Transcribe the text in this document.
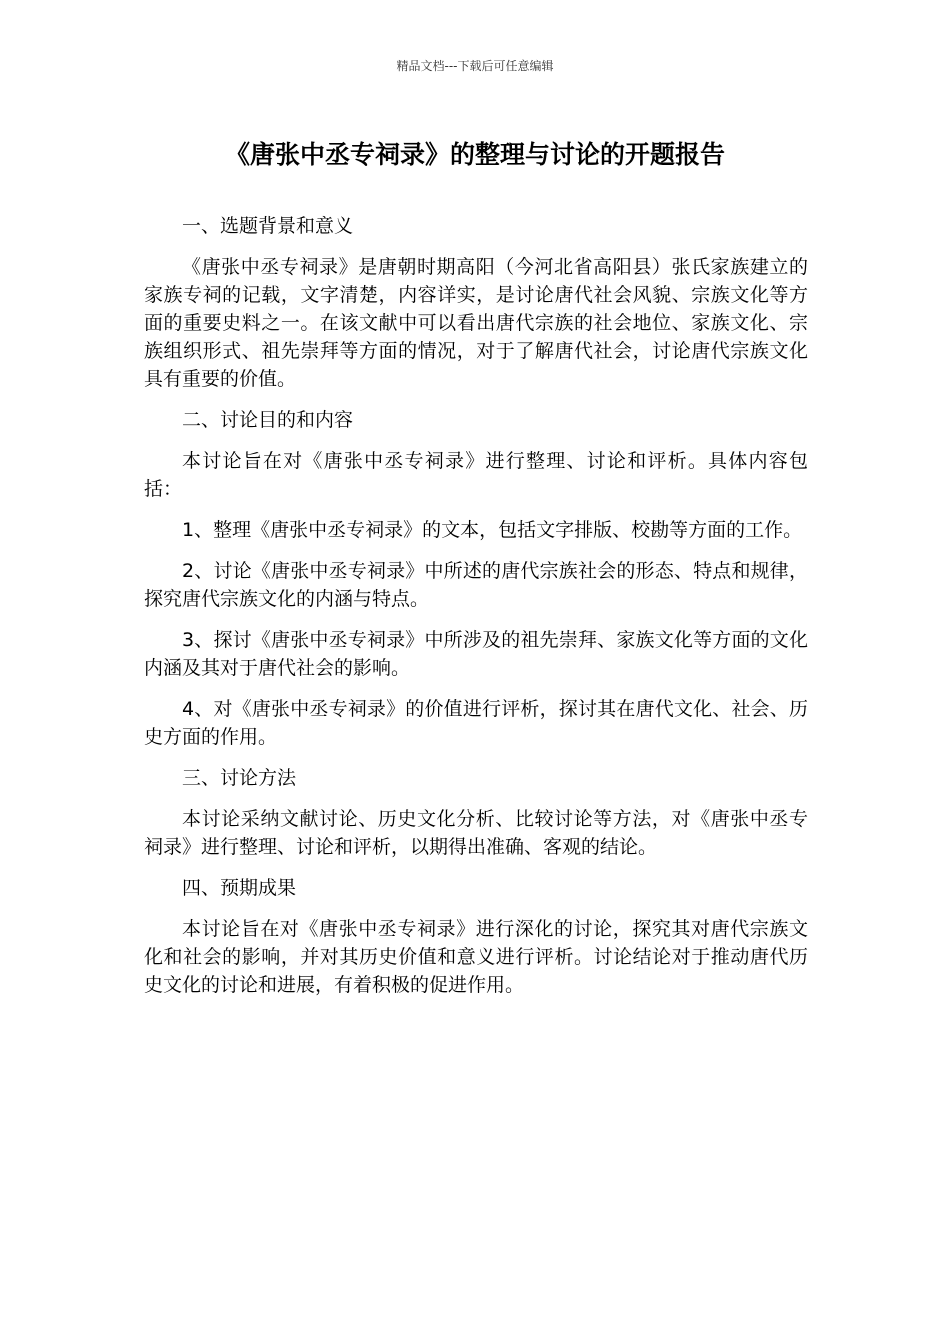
精品文档---下载后可任意编辑
《唐张中丞专祠录》的整理与讨论的开题报告

一、选题背景和意义

《唐张中丞专祠录》是唐朝时期高阳（今河北省高阳县）张氏家族建立的家族专祠的记载，文字清楚，内容详实，是讨论唐代社会风貌、宗族文化等方面的重要史料之一。在该文献中可以看出唐代宗族的社会地位、家族文化、宗族组织形式、祖先崇拜等方面的情况，对于了解唐代社会，讨论唐代宗族文化具有重要的价值。

二、讨论目的和内容

本讨论旨在对《唐张中丞专祠录》进行整理、讨论和评析。具体内容包括：

1、整理《唐张中丞专祠录》的文本，包括文字排版、校勘等方面的工作。

2、讨论《唐张中丞专祠录》中所述的唐代宗族社会的形态、特点和规律，探究唐代宗族文化的内涵与特点。

3、探讨《唐张中丞专祠录》中所涉及的祖先崇拜、家族文化等方面的文化内涵及其对于唐代社会的影响。

4、对《唐张中丞专祠录》的价值进行评析，探讨其在唐代文化、社会、历史方面的作用。

三、讨论方法

本讨论采纳文献讨论、历史文化分析、比较讨论等方法，对《唐张中丞专祠录》进行整理、讨论和评析，以期得出准确、客观的结论。

四、预期成果

本讨论旨在对《唐张中丞专祠录》进行深化的讨论，探究其对唐代宗族文化和社会的影响，并对其历史价值和意义进行评析。讨论结论对于推动唐代历史文化的讨论和进展，有着积极的促进作用。
